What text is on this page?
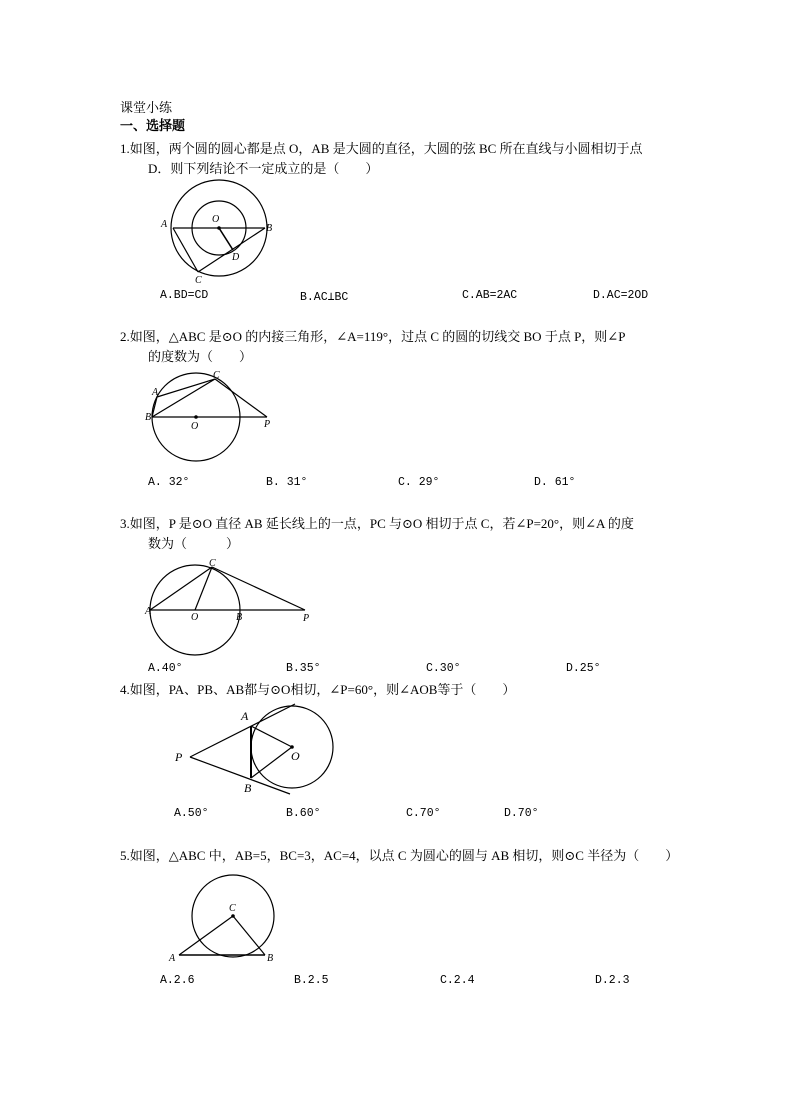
课堂小练
一、选择题
1.如图，两个圆的圆心都是点 O，AB 是大圆的直径，大圆的弦 BC 所在直线与小圆相切于点
D．则下列结论不一定成立的是（　　）
A	B
C
D
O
A.BD=CD	B.AC⊥BC	C.AB=2AC	D.AC=2OD
2.如图，△ABC 是⊙O 的内接三角形，∠A=119°，过点 C 的圆的切线交 BO 于点 P，则∠P
的度数为（　　）
A
B
C
O	P
A. 32°	B. 31°	C. 29°	D. 61°
3.如图，P 是⊙O 直径 AB 延长线上的一点，PC 与⊙O 相切于点 C，若∠P=20°，则∠A 的度
数为（　　　）
A
B
C
O	P
A.40°	B.35°	C.30°	D.25°
4.如图，PA、PB、AB都与⊙O相切，∠P=60°，则∠AOB等于（　　）
A
B
P	O
A.50°	B.60°	C.70°	D.70°
5.如图，△ABC 中，AB=5，BC=3，AC=4，以点 C 为圆心的圆与 AB 相切，则⊙C 半径为（　　）
A	B
C
A.2.6	B.2.5	C.2.4	D.2.3
